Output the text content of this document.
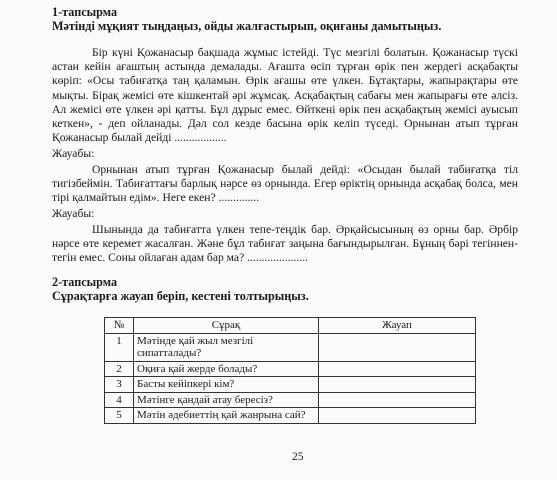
1-тапсырма
Мәтінді мұқият тыңдаңыз, ойды жалғастырып, оқиғаны дамытыңыз.

Бір күні Қожанасыр бақшада жұмыс істейді. Түс мезгілі болатын. Қожанасыр түскі астан кейін ағаштың астында демалады. Ағашта өсіп тұрған өрік пен жердегі асқабақты көріп: «Осы табиғатқа таң қаламын. Өрік ағашы өте үлкен. Бұтақтары, жапырақтары өте мықты. Бірақ жемісі өте кішкентай әрі жұмсақ. Асқабақтың сабағы мен жапырағы өте әлсіз. Ал жемісі өте үлкен әрі қатты. Бұл дұрыс емес. Өйткені өрік пен асқабақтың жемісі ауысып кеткен», - деп ойланады. Дәл сол кезде басына өрік келіп түседі. Орнынан атып тұрған Қожанасыр былай дейді ..................

Жауабы:

Орнынан атып тұрған Қожанасыр былай дейді: «Осыдан былай табиғатқа тіл тигізбеймін. Табиғаттағы барлық нәрсе өз орнында. Егер өріктің орнында асқабақ болса, мен тірі қалмайтын едім». Неге екен? ..............

Жауабы:

Шынында да табиғатта үлкен тепе-теңдік бар. Әрқайсысының өз орны бар. Әрбір нәрсе өте керемет жасалған. Және бұл табиғат заңына бағындырылған. Бұның бәрі тегіннен-тегін емес. Соны ойлаған адам бар ма? .....................

2-тапсырма
Сұрақтарға жауап беріп, кестені толтырыңыз.
№	Сұрақ	Жауап
1	Мәтінде қай жыл мезгілі сипатталады?	
2	Оқиға қай жерде болады?	
3	Басты кейіпкері кім?	
4	Мәтінге қандай атау бересіз?	
5	Мәтін әдебиеттің қай жанрына сай?	
25
